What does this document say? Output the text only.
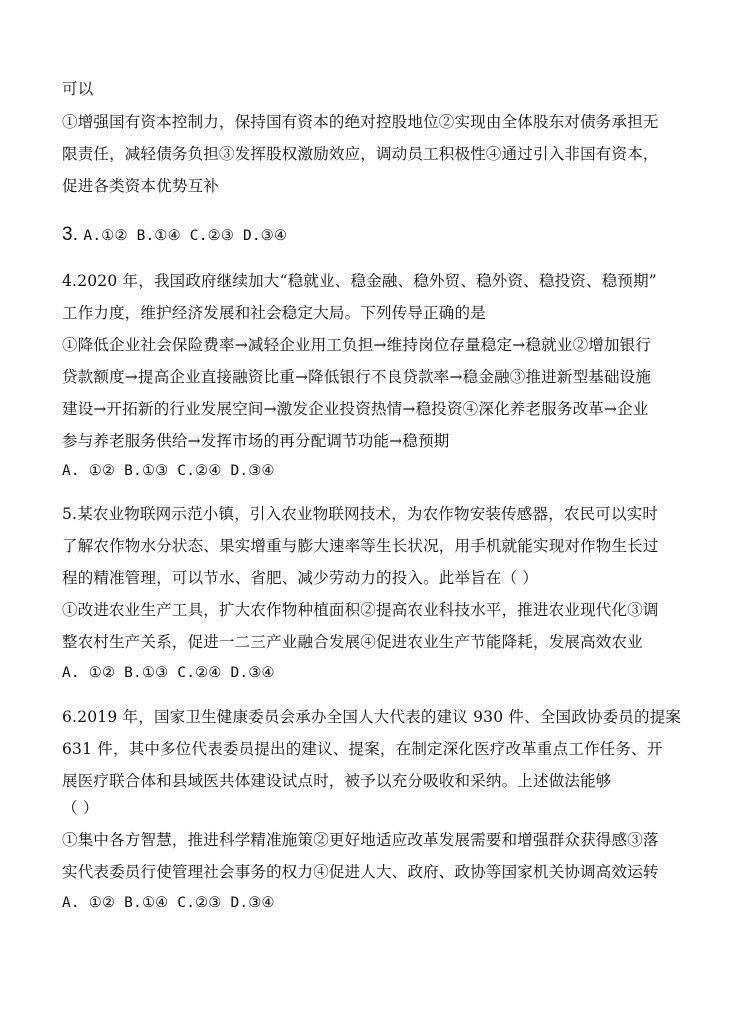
可以
①增强国有资本控制力，保持国有资本的绝对控股地位②实现由全体股东对债务承担无
限责任，减轻债务负担③发挥股权激励效应，调动员工积极性④通过引入非国有资本，
促进各类资本优势互补
3. A.①② B.①④ C.②③ D.③④
4.2020 年，我国政府继续加大“稳就业、稳金融、稳外贸、稳外资、稳投资、稳预期”
工作力度，维护经济发展和社会稳定大局。下列传导正确的是
①降低企业社会保险费率→减轻企业用工负担→维持岗位存量稳定→稳就业②增加银行
贷款额度→提高企业直接融资比重→降低银行不良贷款率→稳金融③推进新型基础设施
建设→开拓新的行业发展空间→激发企业投资热情→稳投资④深化养老服务改革→企业
参与养老服务供给→发挥市场的再分配调节功能→稳预期
A. ①② B.①③ C.②④ D.③④
5.某农业物联网示范小镇，引入农业物联网技术，为农作物安装传感器，农民可以实时
了解农作物水分状态、果实增重与膨大速率等生长状况，用手机就能实现对作物生长过
程的精准管理，可以节水、省肥、减少劳动力的投入。此举旨在（ ）
①改进农业生产工具，扩大农作物种植面积②提高农业科技水平，推进农业现代化③调
整农村生产关系，促进一二三产业融合发展④促进农业生产节能降耗，发展高效农业
A. ①② B.①③ C.②④ D.③④
6.2019 年，国家卫生健康委员会承办全国人大代表的建议 930 件、全国政协委员的提案
631 件，其中多位代表委员提出的建议、提案，在制定深化医疗改革重点工作任务、开
展医疗联合体和县域医共体建设试点时，被予以充分吸收和采纳。上述做法能够
（ ）
①集中各方智慧，推进科学精准施策②更好地适应改革发展需要和增强群众获得感③落
实代表委员行使管理社会事务的权力④促进人大、政府、政协等国家机关协调高效运转
A. ①② B.①④ C.②③ D.③④
